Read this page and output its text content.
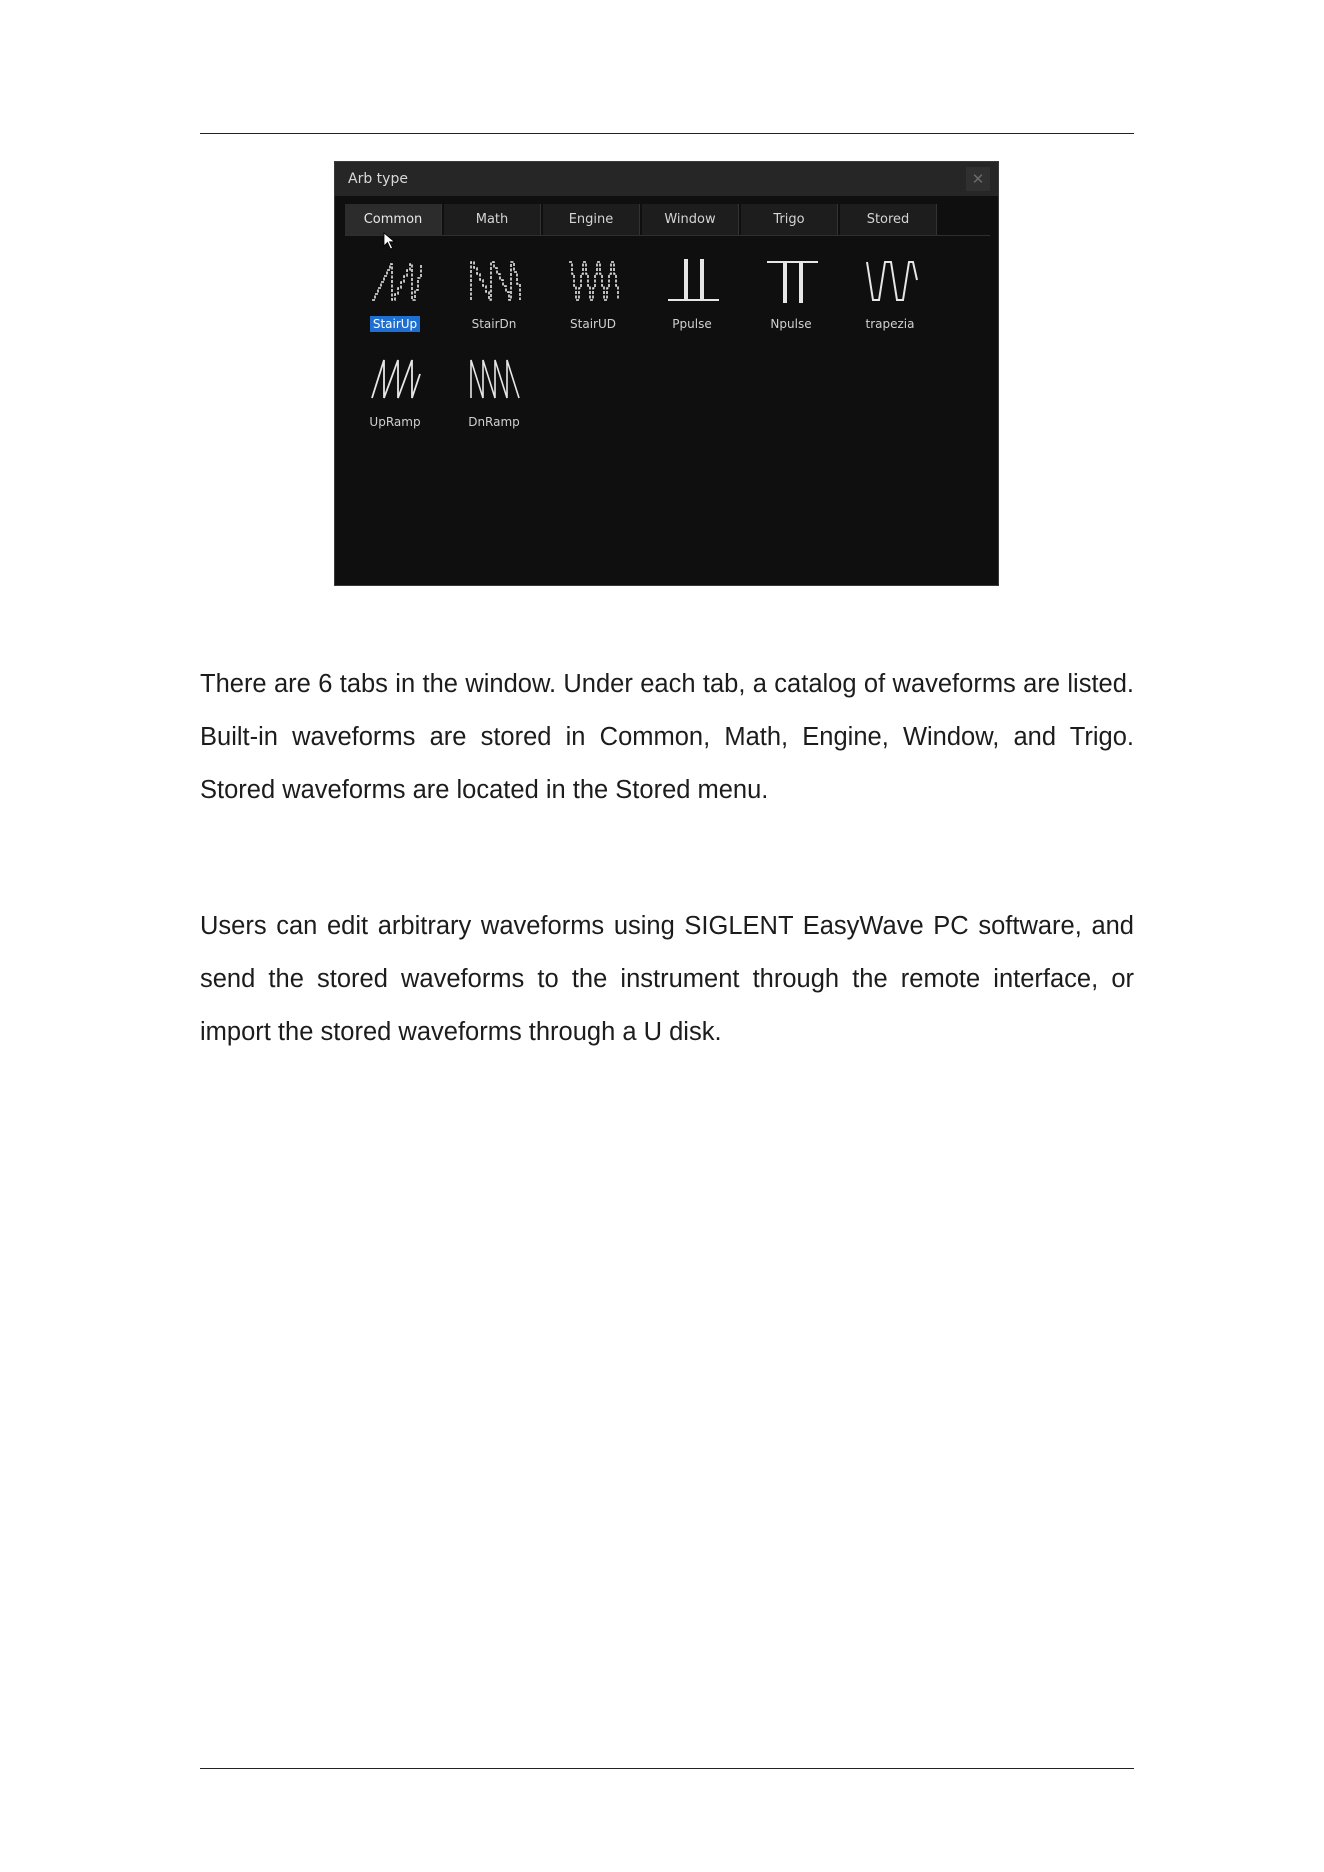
Arb type	✕
Common	Math	Engine	Window	Trigo	Stored
StairUp	StairDn	StairUD	Ppulse	Npulse	trapezia
UpRamp	DnRamp

There are 6 tabs in the window. Under each tab, a catalog of waveforms are listed. Built-in waveforms are stored in Common, Math, Engine, Window, and Trigo. Stored waveforms are located in the Stored menu.

Users can edit arbitrary waveforms using SIGLENT EasyWave PC software, and send the stored waveforms to the instrument through the remote interface, or import the stored waveforms through a U disk.
